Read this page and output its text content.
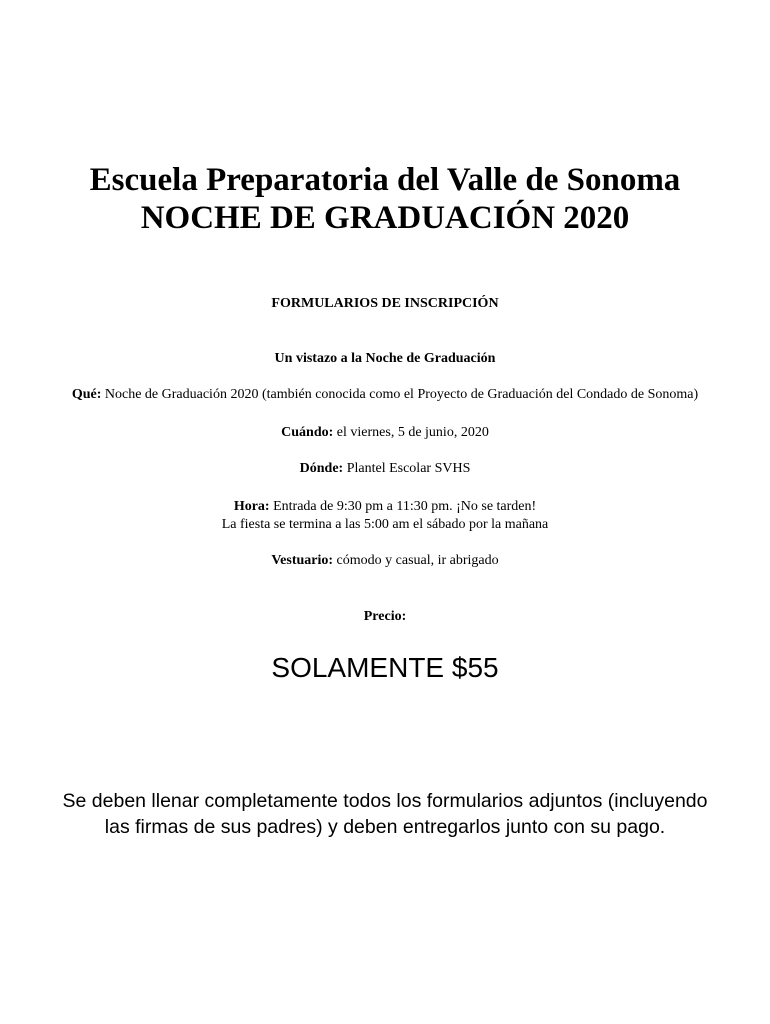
Escuela Preparatoria del Valle de Sonoma
NOCHE DE GRADUACIÓN 2020
FORMULARIOS DE INSCRIPCIÓN
Un vistazo a la Noche de Graduación
Qué: Noche de Graduación 2020 (también conocida como el Proyecto de Graduación del Condado de Sonoma)
Cuándo: el viernes, 5 de junio, 2020
Dónde: Plantel Escolar SVHS
Hora: Entrada de 9:30 pm a 11:30 pm. ¡No se tarden!
La fiesta se termina a las 5:00 am el sábado por la mañana
Vestuario: cómodo y casual, ir abrigado
Precio:
SOLAMENTE $55
Se deben llenar completamente todos los formularios adjuntos (incluyendo
las firmas de sus padres) y deben entregarlos junto con su pago.
